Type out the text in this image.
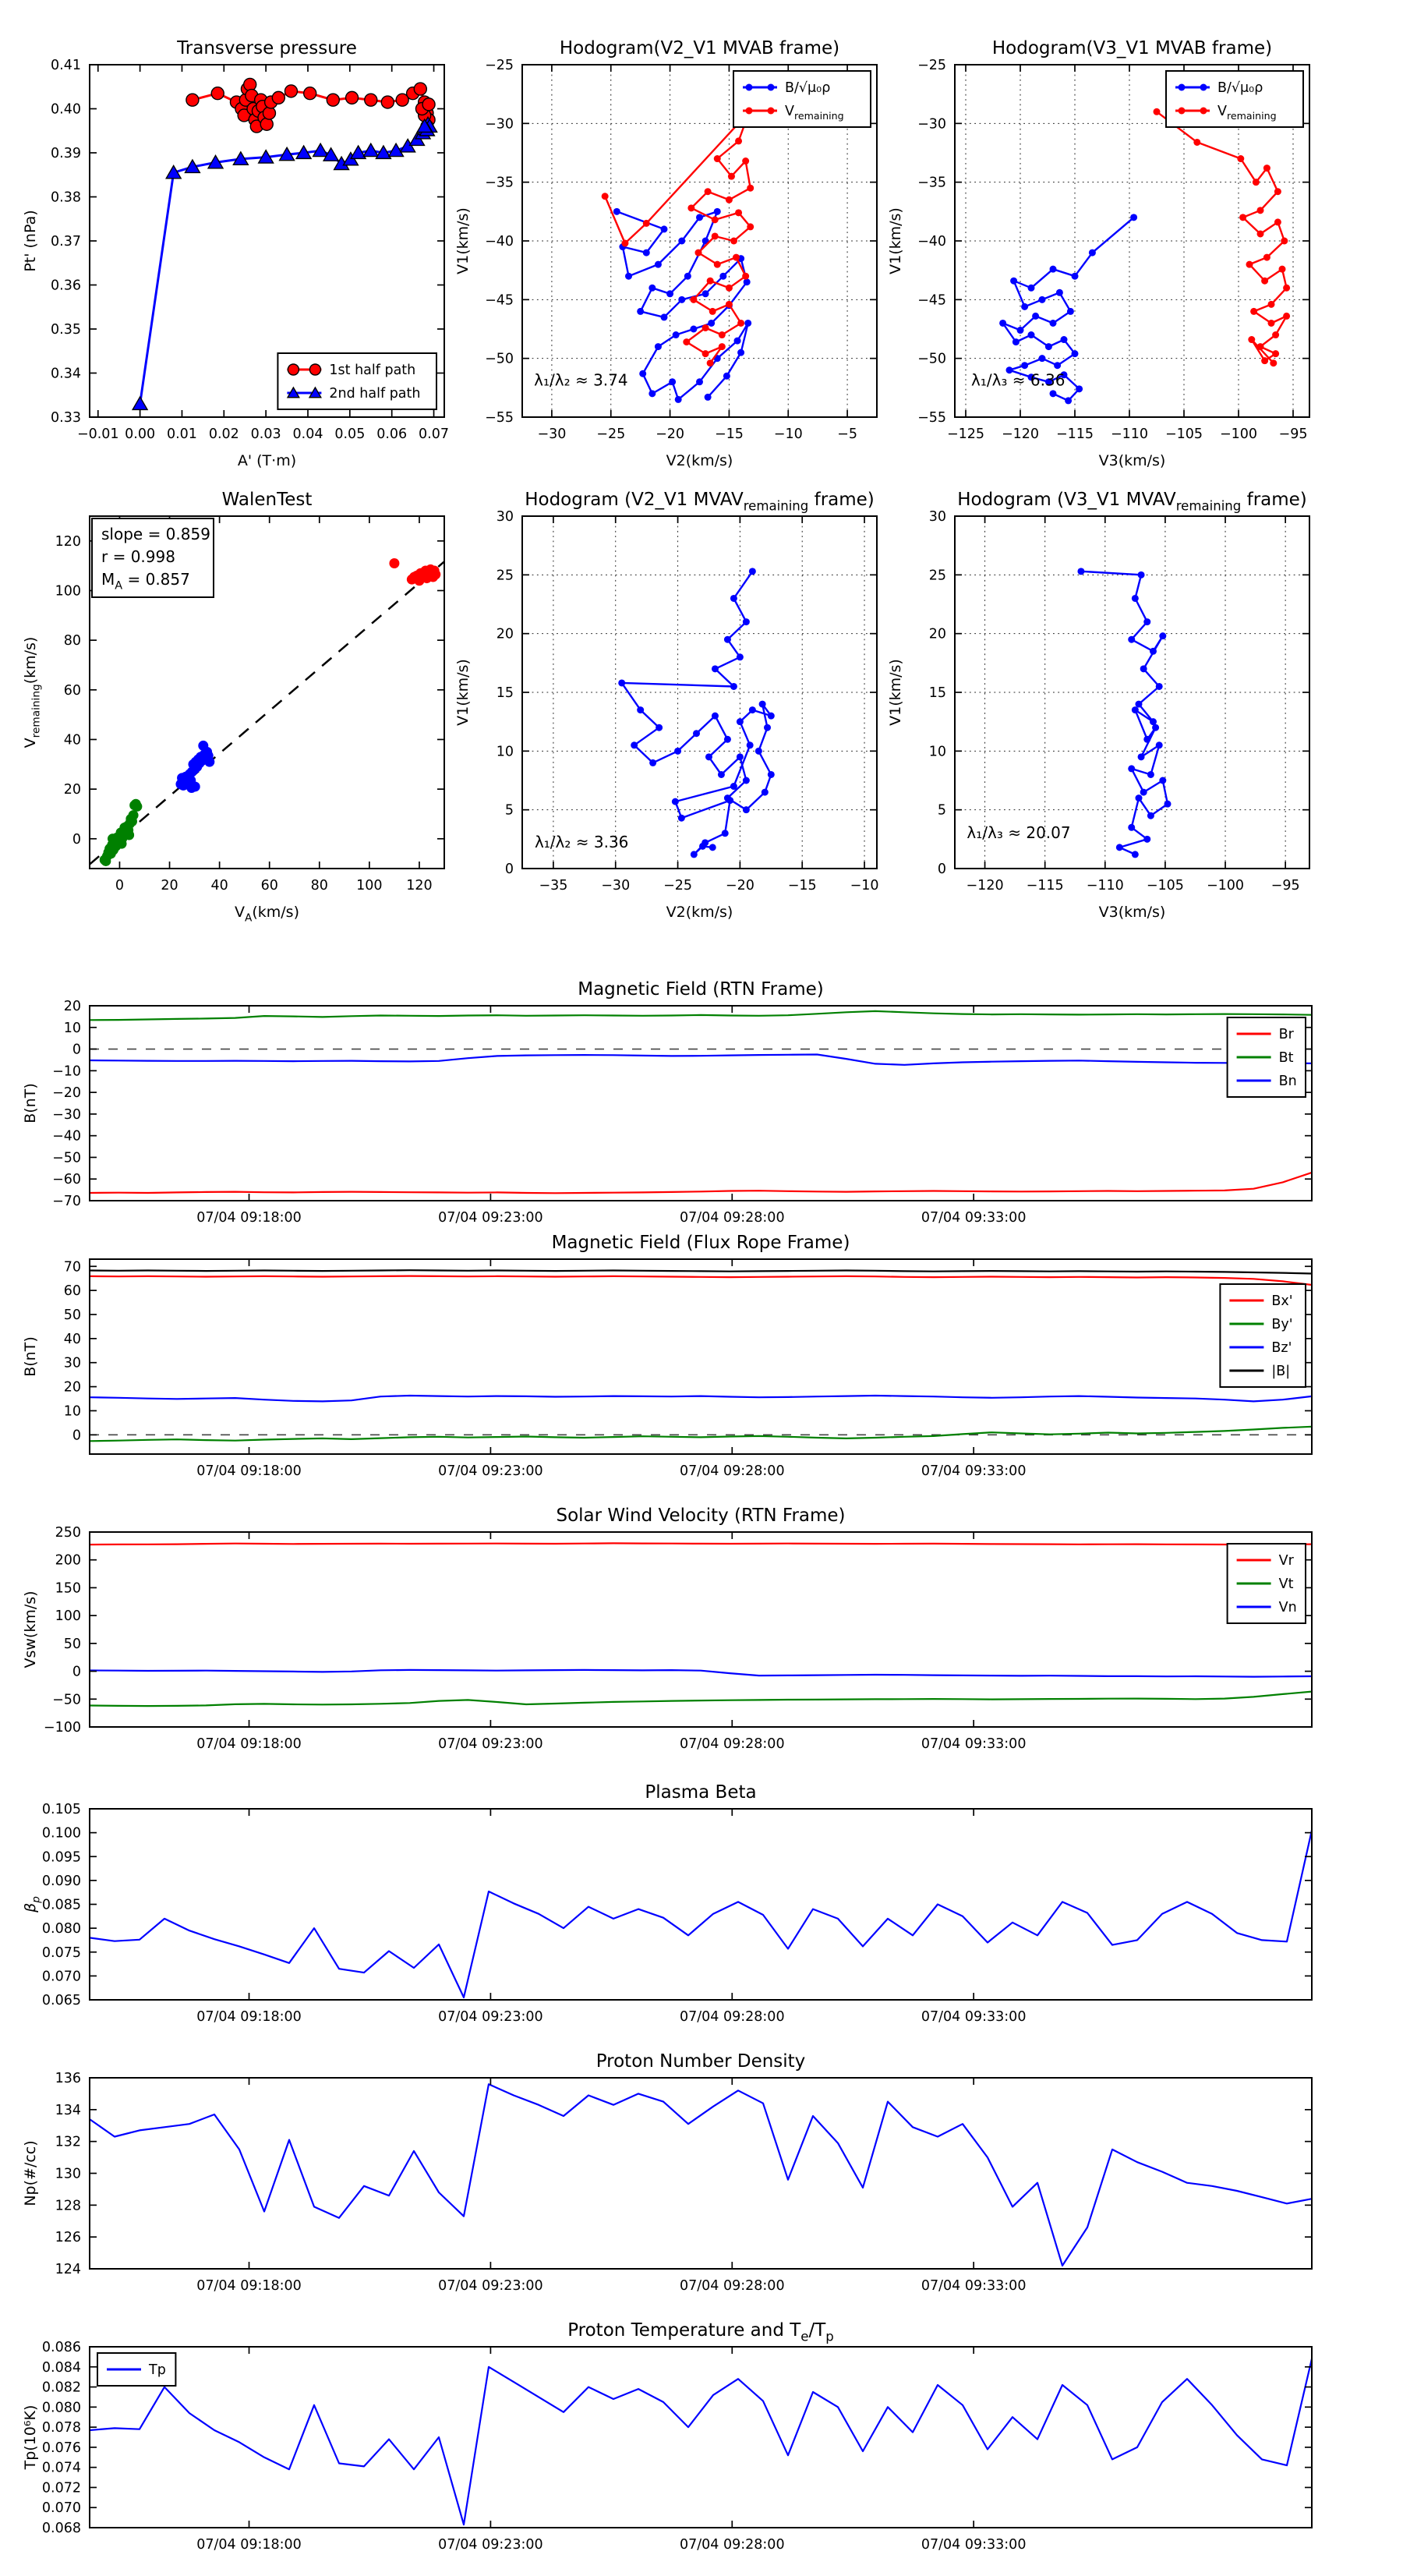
−0.01 0.00 0.01 0.02 0.03 0.04 0.05 0.06 0.07
0.33
0.34
0.35
0.36
0.37
0.38
0.39
0.40
0.41
Transverse pressure
A' (T·m)
Pt' (nPa)
1st half path
2nd half path
λ₁/λ₂ ≈ 3.74
−30 −25 −20 −15 −10	−5
−55
−50
−45
−40
−35
−30
−25
Hodogram(V2_V1 MVAB frame)
V2(km/s)
V1(km/s)
B/√μ₀ρ
$V_{remaining}$
λ₁/λ₃ ≈ 6.36
−125 −120 −115 −110 −105 −100 −95
−55
−50
−45
−40
−35
−30
−25
Hodogram(V3_V1 MVAB frame)
V3(km/s)
V1(km/s)
B/√μ₀ρ
$V_{remaining}$
0	20 40 60 80 100 120
0
20
40
60
80
100
120
WalenTest
$V_A(km/s)$
$V_{remaining}(km/s)$
slope = 0.859
r = 0.998
$M_A = 0.857$
λ₁/λ₂ ≈ 3.36
−35 −30 −25 −20 −15 −10
0
5
10
15
20
25
30
Hodogram (V2_V1 $MVAV_{remaining}$ frame)
V2(km/s)
V1(km/s)
λ₁/λ₃ ≈ 20.07
−120 −115 −110 −105 −100 −95
0
5
10
15
20
25
30
Hodogram (V3_V1 $MVAV_{remaining}$ frame)
V3(km/s)
V1(km/s)
07/04 09:18:00	07/04 09:23:00	07/04 09:28:00	07/04 09:33:00
−70
−60
−50
−40
−30
−20
−10
0
10
20
Magnetic Field (RTN Frame)
B(nT)
Br
Bt
Bn
07/04 09:18:00	07/04 09:23:00	07/04 09:28:00	07/04 09:33:00
0
10
20
30
40
50
60
70
Magnetic Field (Flux Rope Frame)
B(nT)
Bx'
By'
Bz'
|B|
07/04 09:18:00	07/04 09:23:00	07/04 09:28:00	07/04 09:33:00
−100
−50
0
50
100
150
200
250
Solar Wind Velocity (RTN Frame)
Vsw(km/s)
Vr
Vt
Vn
07/04 09:18:00	07/04 09:23:00	07/04 09:28:00	07/04 09:33:00
0.065
0.070
0.075
0.080
0.085
0.090
0.095
0.100
0.105
Plasma Beta
$\beta_p$
07/04 09:18:00	07/04 09:23:00	07/04 09:28:00	07/04 09:33:00
124
126
128
130
132
134
136
Proton Number Density
Np(#/cc)
07/04 09:18:00	07/04 09:23:00	07/04 09:28:00	07/04 09:33:00
0.068
0.070
0.072
0.074
0.076
0.078
0.080
0.082
0.084
0.086
Proton Temperature and $T_e/T_p$
Tp(10⁶K)
Tp
